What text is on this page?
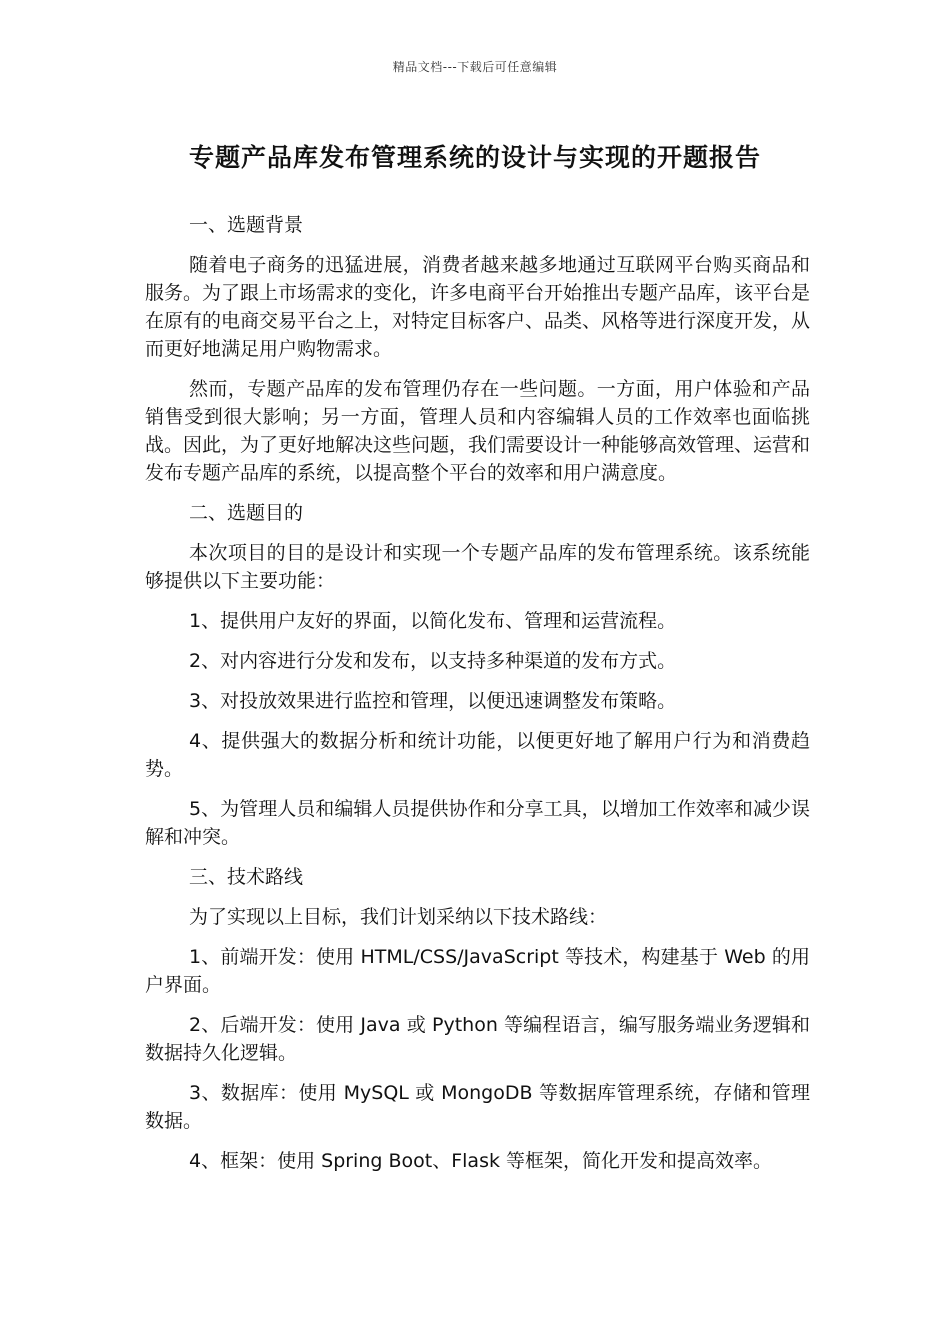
精品文档---下载后可任意编辑
专题产品库发布管理系统的设计与实现的开题报告

一、选题背景

随着电子商务的迅猛进展，消费者越来越多地通过互联网平台购买商品和服务。为了跟上市场需求的变化，许多电商平台开始推出专题产品库，该平台是在原有的电商交易平台之上，对特定目标客户、品类、风格等进行深度开发，从而更好地满足用户购物需求。

然而，专题产品库的发布管理仍存在一些问题。一方面，用户体验和产品销售受到很大影响；另一方面，管理人员和内容编辑人员的工作效率也面临挑战。因此，为了更好地解决这些问题，我们需要设计一种能够高效管理、运营和发布专题产品库的系统，以提高整个平台的效率和用户满意度。

二、选题目的

本次项目的目的是设计和实现一个专题产品库的发布管理系统。该系统能够提供以下主要功能：

1、提供用户友好的界面，以简化发布、管理和运营流程。

2、对内容进行分发和发布，以支持多种渠道的发布方式。

3、对投放效果进行监控和管理，以便迅速调整发布策略。

4、提供强大的数据分析和统计功能，以便更好地了解用户行为和消费趋势。

5、为管理人员和编辑人员提供协作和分享工具，以增加工作效率和减少误解和冲突。

三、技术路线

为了实现以上目标，我们计划采纳以下技术路线：

1、前端开发：使用 HTML/CSS/JavaScript 等技术，构建基于 Web 的用户界面。

2、后端开发：使用 Java 或 Python 等编程语言，编写服务端业务逻辑和数据持久化逻辑。

3、数据库：使用 MySQL 或 MongoDB 等数据库管理系统，存储和管理数据。

4、框架：使用 Spring Boot、Flask 等框架，简化开发和提高效率。
